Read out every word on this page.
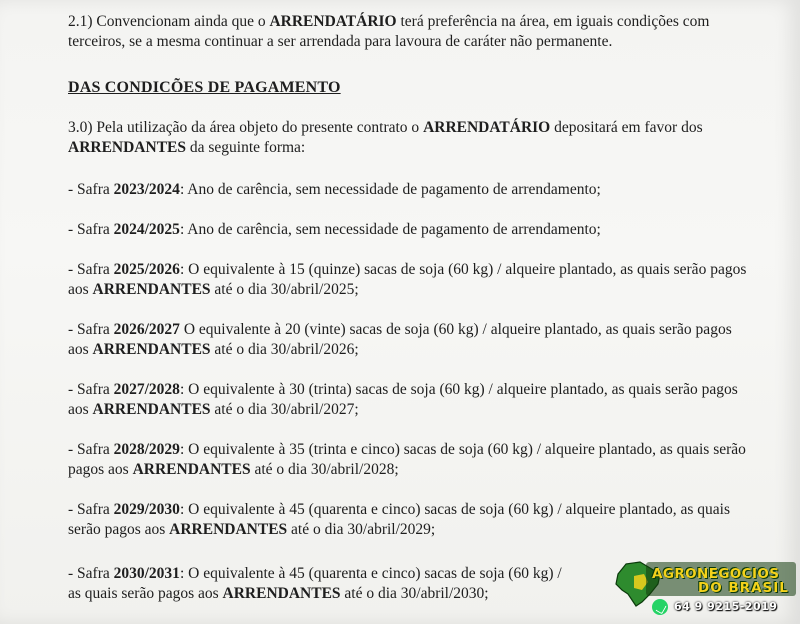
2.1) Convencionam ainda que o ARRENDATÁRIO terá preferência na área, em iguais condições com terceiros, se a mesma continuar a ser arrendada para lavoura de caráter não permanente.

DAS CONDICÕES DE PAGAMENTO

3.0) Pela utilização da área objeto do presente contrato o ARRENDATÁRIO depositará em favor dos ARRENDANTES da seguinte forma:

- Safra 2023/2024: Ano de carência, sem necessidade de pagamento de arrendamento;

- Safra 2024/2025: Ano de carência, sem necessidade de pagamento de arrendamento;

- Safra 2025/2026: O equivalente à 15 (quinze) sacas de soja (60 kg) / alqueire plantado, as quais serão pagos aos ARRENDANTES até o dia 30/abril/2025;

- Safra 2026/2027 O equivalente à 20 (vinte) sacas de soja (60 kg) / alqueire plantado, as quais serão pagos aos ARRENDANTES até o dia 30/abril/2026;

- Safra 2027/2028: O equivalente à 30 (trinta) sacas de soja (60 kg) / alqueire plantado, as quais serão pagos aos ARRENDANTES até o dia 30/abril/2027;

- Safra 2028/2029: O equivalente à 35 (trinta e cinco) sacas de soja (60 kg) / alqueire plantado, as quais serão pagos aos ARRENDANTES até o dia 30/abril/2028;

- Safra 2029/2030: O equivalente à 45 (quarenta e cinco) sacas de soja (60 kg) / alqueire plantado, as quais serão pagos aos ARRENDANTES até o dia 30/abril/2029;

- Safra 2030/2031: O equivalente à 45 (quarenta e cinco) sacas de soja (60 kg) /
as quais serão pagos aos ARRENDANTES até o dia 30/abril/2030;

AGRONEGOCIOS
DO BRASIL
64 9 9215-2019
